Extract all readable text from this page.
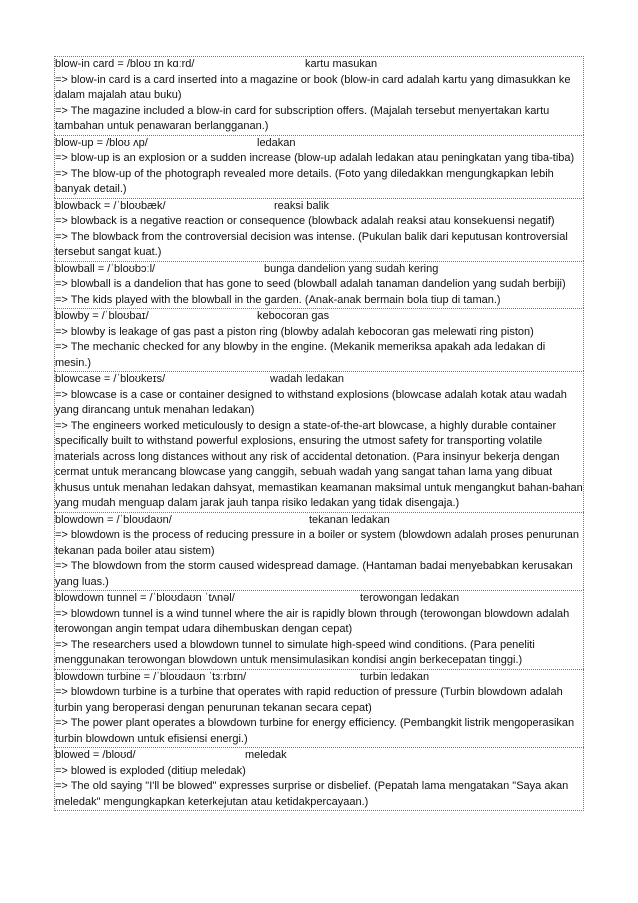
blow-in card = /bloʊ ɪn kɑːrd/	kartu masukan

=> blow-in card is a card inserted into a magazine or book (blow-in card adalah kartu yang dimasukkan ke dalam majalah atau buku)

=> The magazine included a blow-in card for subscription offers. (Majalah tersebut menyertakan kartu tambahan untuk penawaran berlangganan.)

blow-up = /bloʊ ʌp/	ledakan

=> blow-up is an explosion or a sudden increase (blow-up adalah ledakan atau peningkatan yang tiba-tiba)

=> The blow-up of the photograph revealed more details. (Foto yang diledakkan mengungkapkan lebih banyak detail.)

blowback = /ˈbloʊbæk/	reaksi balik

=> blowback is a negative reaction or consequence (blowback adalah reaksi atau konsekuensi negatif)

=> The blowback from the controversial decision was intense. (Pukulan balik dari keputusan kontroversial tersebut sangat kuat.)

blowball = /ˈbloʊbɔːl/	bunga dandelion yang sudah kering

=> blowball is a dandelion that has gone to seed (blowball adalah tanaman dandelion yang sudah berbiji)

=> The kids played with the blowball in the garden. (Anak-anak bermain bola tiup di taman.)

blowby = /ˈbloʊbaɪ/	kebocoran gas

=> blowby is leakage of gas past a piston ring (blowby adalah kebocoran gas melewati ring piston)

=> The mechanic checked for any blowby in the engine. (Mekanik memeriksa apakah ada ledakan di mesin.)

blowcase = /ˈbloʊkeɪs/	wadah ledakan

=> blowcase is a case or container designed to withstand explosions (blowcase adalah kotak atau wadah yang dirancang untuk menahan ledakan)

=> The engineers worked meticulously to design a state-of-the-art blowcase, a highly durable container specifically built to withstand powerful explosions, ensuring the utmost safety for transporting volatile materials across long distances without any risk of accidental detonation. (Para insinyur bekerja dengan cermat untuk merancang blowcase yang canggih, sebuah wadah yang sangat tahan lama yang dibuat khusus untuk menahan ledakan dahsyat, memastikan keamanan maksimal untuk mengangkut bahan-bahan yang mudah menguap dalam jarak jauh tanpa risiko ledakan yang tidak disengaja.)

blowdown = /ˈbloʊdaʊn/	tekanan ledakan

=> blowdown is the process of reducing pressure in a boiler or system (blowdown adalah proses penurunan tekanan pada boiler atau sistem)

=> The blowdown from the storm caused widespread damage. (Hantaman badai menyebabkan kerusakan yang luas.)

blowdown tunnel = /ˈbloʊdaʊn ˈtʌnəl/	terowongan ledakan

=> blowdown tunnel is a wind tunnel where the air is rapidly blown through (terowongan blowdown adalah terowongan angin tempat udara dihembuskan dengan cepat)

=> The researchers used a blowdown tunnel to simulate high-speed wind conditions. (Para peneliti menggunakan terowongan blowdown untuk mensimulasikan kondisi angin berkecepatan tinggi.)

blowdown turbine = /ˈbloʊdaʊn ˈtɜːrbɪn/	turbin ledakan

=> blowdown turbine is a turbine that operates with rapid reduction of pressure (Turbin blowdown adalah turbin yang beroperasi dengan penurunan tekanan secara cepat)

=> The power plant operates a blowdown turbine for energy efficiency. (Pembangkit listrik mengoperasikan turbin blowdown untuk efisiensi energi.)

blowed = /bloʊd/	meledak

=> blowed is exploded (ditiup meledak)

=> The old saying "I'll be blowed" expresses surprise or disbelief. (Pepatah lama mengatakan "Saya akan meledak" mengungkapkan keterkejutan atau ketidakpercayaan.)
